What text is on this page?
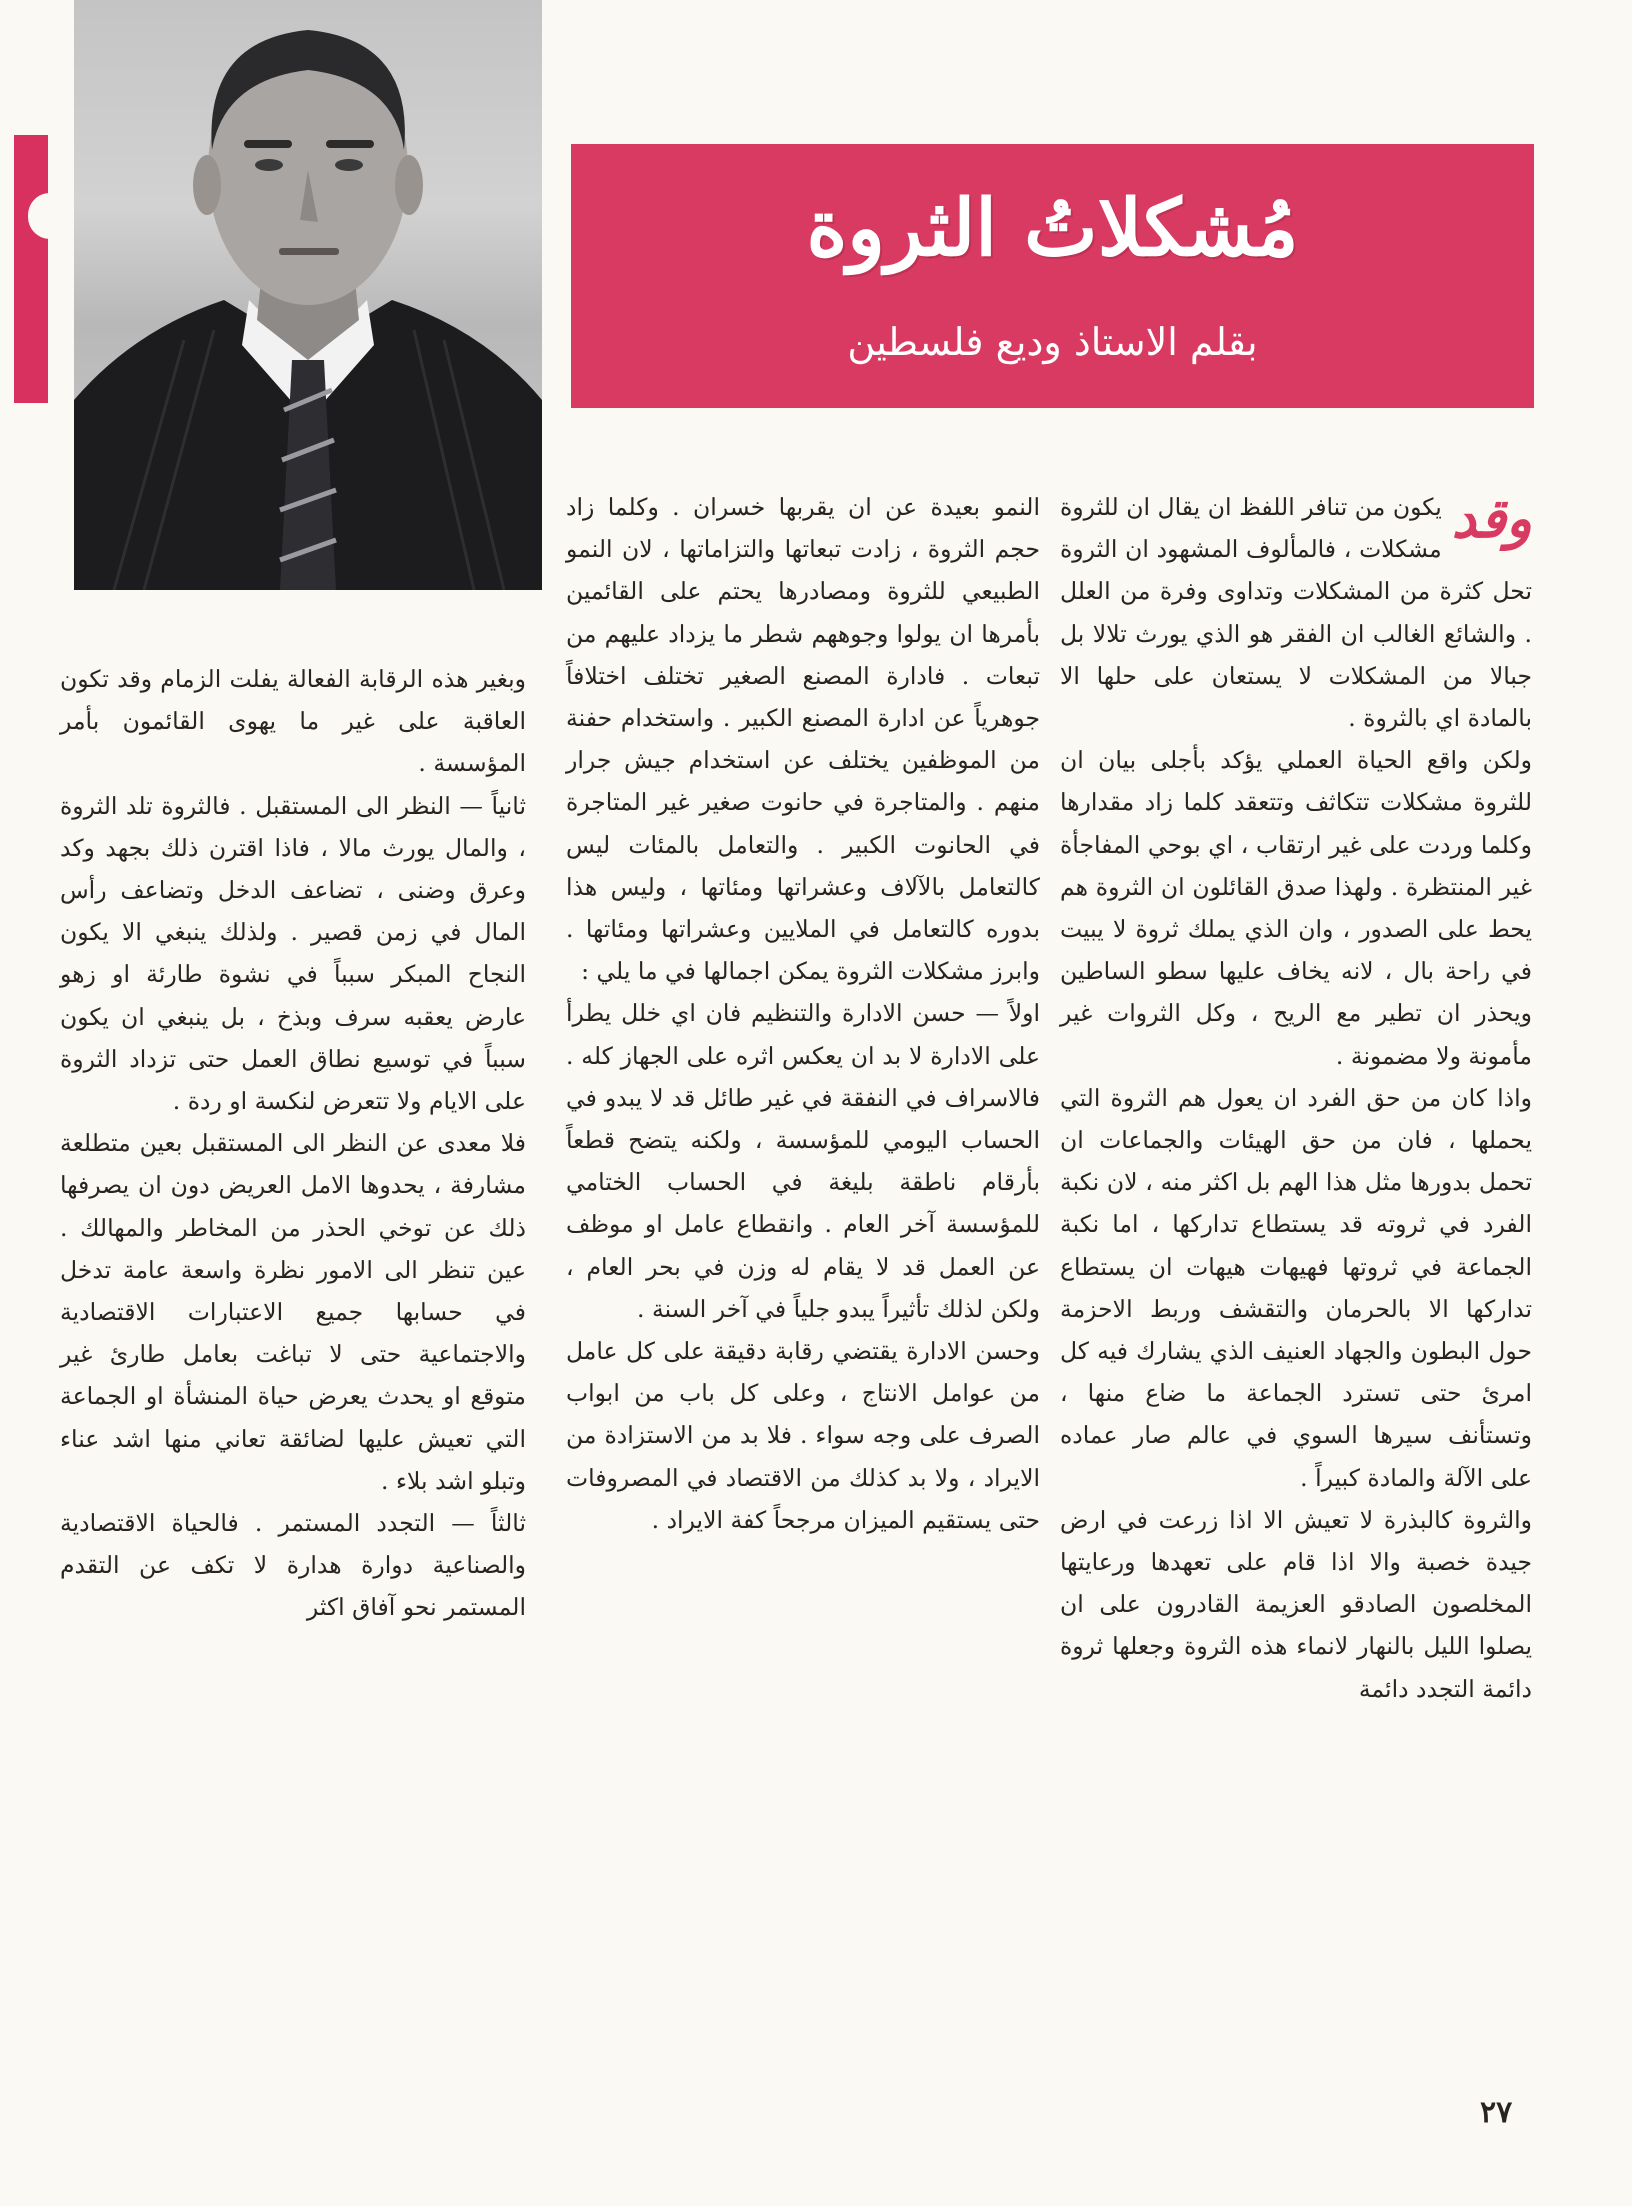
مُشكلاتُ الثروة
بقلم الاستاذ وديع فلسطين

وقد
يكون من تنافر اللفظ ان يقال ان للثروة مشكلات ، فالمألوف المشهود ان الثروة تحل كثرة من المشكلات وتداوى وفرة من العلل . والشائع الغالب ان الفقر هو الذي يورث تلالا بل جبالا من المشكلات لا يستعان على حلها الا بالمادة اي بالثروة .

ولكن واقع الحياة العملي يؤكد بأجلى بيان ان للثروة مشكلات تتكاثف وتتعقد كلما زاد مقدارها وكلما وردت على غير ارتقاب ، اي بوحي المفاجأة غير المنتظرة . ولهذا صدق القائلون ان الثروة هم يحط على الصدور ، وان الذي يملك ثروة لا يبيت في راحة بال ، لانه يخاف عليها سطو الساطين ويحذر ان تطير مع الريح ، وكل الثروات غير مأمونة ولا مضمونة .

واذا كان من حق الفرد ان يعول هم الثروة التي يحملها ، فان من حق الهيئات والجماعات ان تحمل بدورها مثل هذا الهم بل اكثر منه ، لان نكبة الفرد في ثروته قد يستطاع تداركها ، اما نكبة الجماعة في ثروتها فهيهات هيهات ان يستطاع تداركها الا بالحرمان والتقشف وربط الاحزمة حول البطون والجهاد العنيف الذي يشارك فيه كل امرئ حتى تسترد الجماعة ما ضاع منها ، وتستأنف سيرها السوي في عالم صار عماده على الآلة والمادة كبيراً .

والثروة كالبذرة لا تعيش الا اذا زرعت في ارض جيدة خصبة والا اذا قام على تعهدها ورعايتها المخلصون الصادقو العزيمة القادرون على ان يصلوا الليل بالنهار لانماء هذه الثروة وجعلها ثروة دائمة التجدد دائمة

النمو بعيدة عن ان يقربها خسران . وكلما زاد حجم الثروة ، زادت تبعاتها والتزاماتها ، لان النمو الطبيعي للثروة ومصادرها يحتم على القائمين بأمرها ان يولوا وجوههم شطر ما يزداد عليهم من تبعات . فادارة المصنع الصغير تختلف اختلافاً جوهرياً عن ادارة المصنع الكبير . واستخدام حفنة من الموظفين يختلف عن استخدام جيش جرار منهم . والمتاجرة في حانوت صغير غير المتاجرة في الحانوت الكبير . والتعامل بالمئات ليس كالتعامل بالآلاف وعشراتها ومئاتها ، وليس هذا بدوره كالتعامل في الملايين وعشراتها ومئاتها . وابرز مشكلات الثروة يمكن اجمالها في ما يلي :

اولاً — حسن الادارة والتنظيم فان اي خلل يطرأ على الادارة لا بد ان يعكس اثره على الجهاز كله . فالاسراف في النفقة في غير طائل قد لا يبدو في الحساب اليومي للمؤسسة ، ولكنه يتضح قطعاً بأرقام ناطقة بليغة في الحساب الختامي للمؤسسة آخر العام . وانقطاع عامل او موظف عن العمل قد لا يقام له وزن في بحر العام ، ولكن لذلك تأثيراً يبدو جلياً في آخر السنة .

وحسن الادارة يقتضي رقابة دقيقة على كل عامل من عوامل الانتاج ، وعلى كل باب من ابواب الصرف على وجه سواء . فلا بد من الاستزادة من الايراد ، ولا بد كذلك من الاقتصاد في المصروفات حتى يستقيم الميزان مرجحاً كفة الايراد .

وبغير هذه الرقابة الفعالة يفلت الزمام وقد تكون العاقبة على غير ما يهوى القائمون بأمر المؤسسة .

ثانياً — النظر الى المستقبل . فالثروة تلد الثروة ، والمال يورث مالا ، فاذا اقترن ذلك بجهد وكد وعرق وضنى ، تضاعف الدخل وتضاعف رأس المال في زمن قصير . ولذلك ينبغي الا يكون النجاح المبكر سبباً في نشوة طارئة او زهو عارض يعقبه سرف وبذخ ، بل ينبغي ان يكون سبباً في توسيع نطاق العمل حتى تزداد الثروة على الايام ولا تتعرض لنكسة او ردة .

فلا معدى عن النظر الى المستقبل بعين متطلعة مشارفة ، يحدوها الامل العريض دون ان يصرفها ذلك عن توخي الحذر من المخاطر والمهالك . عين تنظر الى الامور نظرة واسعة عامة تدخل في حسابها جميع الاعتبارات الاقتصادية والاجتماعية حتى لا تباغت بعامل طارئ غير متوقع او يحدث يعرض حياة المنشأة او الجماعة التي تعيش عليها لضائقة تعاني منها اشد عناء وتبلو اشد بلاء .

ثالثاً — التجدد المستمر . فالحياة الاقتصادية والصناعية دوارة هدارة لا تكف عن التقدم المستمر نحو آفاق اكثر

٢٧
